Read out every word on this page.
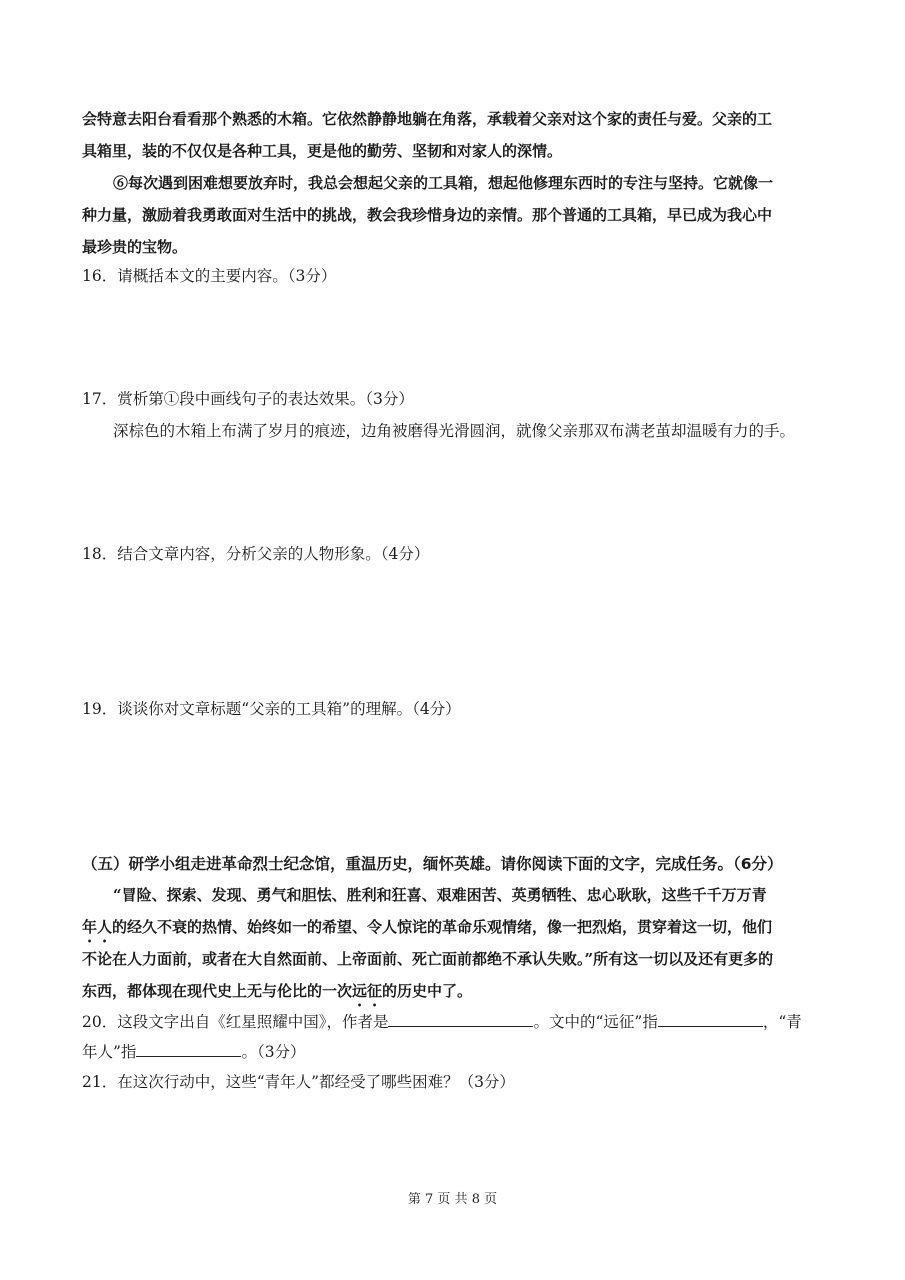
会特意去阳台看看那个熟悉的木箱。它依然静静地躺在角落，承载着父亲对这个家的责任与爱。父亲的工
具箱里，装的不仅仅是各种工具，更是他的勤劳、坚韧和对家人的深情。
⑥每次遇到困难想要放弃时，我总会想起父亲的工具箱，想起他修理东西时的专注与坚持。它就像一
种力量，激励着我勇敢面对生活中的挑战，教会我珍惜身边的亲情。那个普通的工具箱，早已成为我心中
最珍贵的宝物。
16．请概括本文的主要内容。（3分）
17．赏析第①段中画线句子的表达效果。（3分）
深棕色的木箱上布满了岁月的痕迹，边角被磨得光滑圆润，就像父亲那双布满老茧却温暖有力的手。
18．结合文章内容，分析父亲的人物形象。（4分）
19．谈谈你对文章标题“父亲的工具箱”的理解。（4分）
（五）研学小组走进革命烈士纪念馆，重温历史，缅怀英雄。请你阅读下面的文字，完成任务。（6分）
“冒险、探索、发现、勇气和胆怯、胜利和狂喜、艰难困苦、英勇牺牲、忠心耿耿，这些千千万万青
年人的经久不衰的热情、始终如一的希望、令人惊诧的革命乐观情绪，像一把烈焰，贯穿着这一切，他们
不论在人力面前，或者在大自然面前、上帝面前、死亡面前都绝不承认失败。”所有这一切以及还有更多的
东西，都体现在现代史上无与伦比的一次远征的历史中了。
20．这段文字出自《红星照耀中国》，作者是	。文中的“远征”指	，“青
年人”指	。（3分）
21．在这次行动中，这些“青年人”都经受了哪些困难？（3分）
第 7 页 共 8 页
